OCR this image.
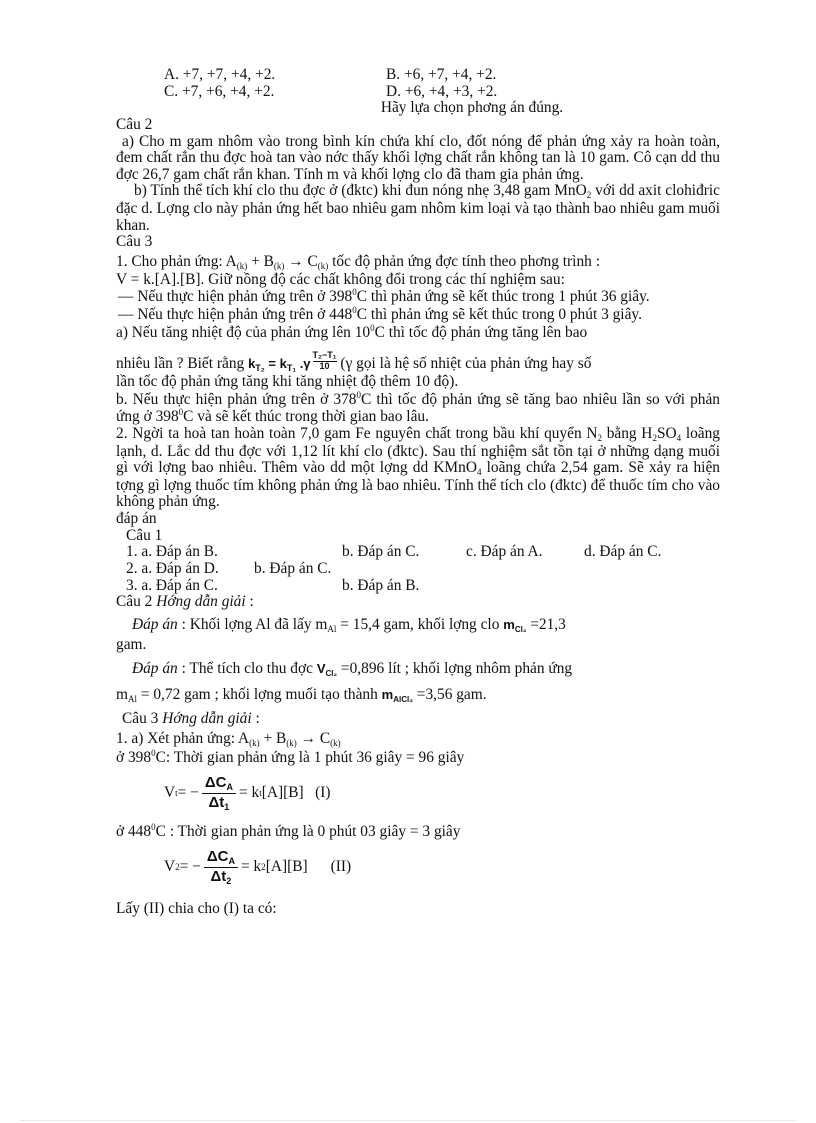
A. +7, +7, +4, +2.	B. +6, +7, +4, +2.
C. +7, +6, +4, +2.	D. +6, +4, +3, +2.
Hãy lựa chọn phơng án đúng.
Câu 2

a) Cho m gam nhôm vào trong bình kín chứa khí clo, đốt nóng để phản ứng xảy ra hoàn toàn, đem chất rắn thu đợc hoà tan vào nớc thấy khối lợng chất rắn không tan là 10 gam. Cô cạn dd thu đợc 26,7 gam chất rắn khan. Tính m và khối lợng clo đã tham gia phản ứng.

b) Tính thể tích khí clo thu đợc ở (đktc) khi đun nóng nhẹ 3,48 gam MnO$_2$ với dd axit clohiđric đặc d. Lợng clo này phản ứng hết bao nhiêu gam nhôm kim loại và tạo thành bao nhiêu gam muối khan.

Câu 3

1. Cho phản ứng: $A_{(k)} + B_{(k)} \to C_{(k)}$ tốc độ phản ứng đợc tính theo phơng trình :

V = k.[A].[B]. Giữ nồng độ các chất không đổi trong các thí nghiệm sau:

— Nếu thực hiện phản ứng trên ở $398^0C$ thì phản ứng sẽ kết thúc trong 1 phút 36 giây.

— Nếu thực hiện phản ứng trên ở $448^0C$ thì phản ứng sẽ kết thúc trong 0 phút 3 giây.

a) Nếu tăng nhiệt độ của phản ứng lên $10^0C$ thì tốc độ phản ứng tăng lên bao

nhiêu lần ? Biết rằng $k_{T_2} = k_{T_1}$ $.\gamma \frac{\text{T₂−T₁}}{10} (\gamma$ gọi là hệ số nhiệt của phản ứng hay số

lần tốc độ phản ứng tăng khi tăng nhiệt độ thêm 10 độ).

b. Nếu thực hiện phản ứng trên ở $378^0C$ thì tốc độ phản ứng sẽ tăng bao nhiêu lần so với phản ứng ở $398^0C$ và sẽ kết thúc trong thời gian bao lâu.

2. Ngời ta hoà tan hoàn toàn 7,0 gam Fe nguyên chất trong bầu khí quyển $N_2$ bằng $H_2SO_4$ loãng lạnh, d. Lắc dd thu đợc với 1,12 lít khí clo (đktc). Sau thí nghiệm sắt tồn tại ở những dạng muối gì với lợng bao nhiêu. Thêm vào dd một lợng dd KMnO$_4$ loãng chứa 2,54 gam. Sẽ xảy ra hiện tợng gì lợng thuốc tím không phản ứng là bao nhiêu. Tính thể tích clo (đktc) để thuốc tím cho vào không phản ứng.

đáp án
Câu 1
1. a. Đáp án B.	b. Đáp án C.	c. Đáp án A.	d. Đáp án C.
2. a. Đáp án D. b. Đáp án C.
3. a. Đáp án C.	b. Đáp án B.
Câu 2 Hớng dẫn giải :

Đáp án : Khối lợng Al đã lấy $m_{Al} = 15,4$ gam, khối lợng clo $m_{Cl_2} =21,3$

gam.

Đáp án : Thể tích clo thu đợc $V_{Cl_2} =0,896$ lít ; khối lợng nhôm phản ứng

$m_{Al} = 0,72$ gam ; khối lợng muối tạo thành $m_{AlCl_3} =3,56$ gam.

Câu 3 Hớng dẫn giải :

1. a) Xét phản ứng: $A_{(k)} + B_{(k)} \to C_{(k)}$

ở $398^0C$: Thời gian phản ứng là 1 phút 36 giây = 96 giây

V t = − $\frac{\Delta C_A}{\Delta t_1} = k$ t [A][B]   (I)

ở $448^0C$ : Thời gian phản ứng là 0 phút 03 giây = 3 giây

V 2 = − $\frac{\Delta C_A}{\Delta t_2} = k$ 2 [A][B]      (II)

Lấy (II) chia cho (I) ta có:
